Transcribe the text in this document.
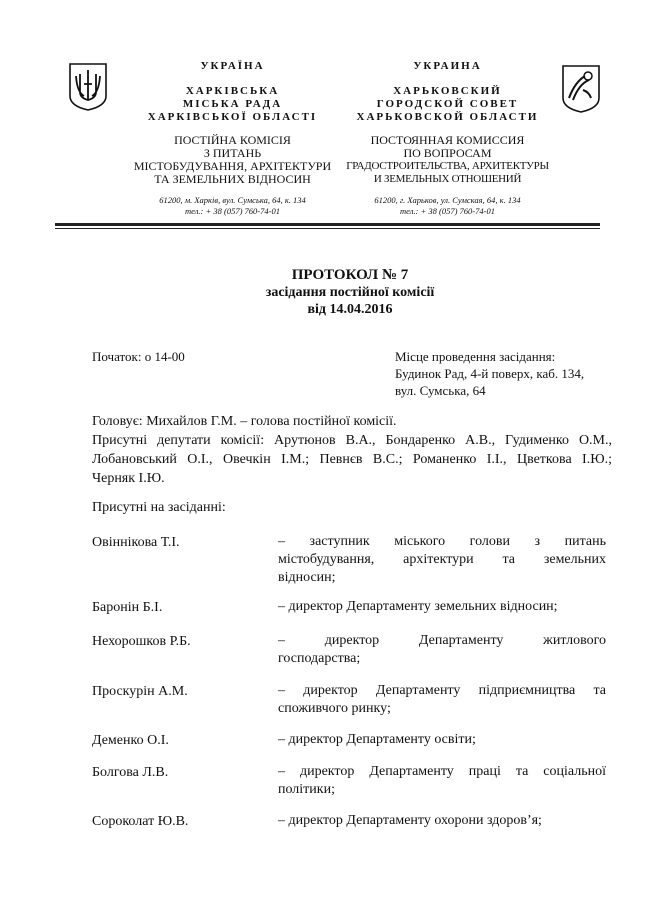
УКРАЇНА
ХАРКІВСЬКА
МІСЬКА РАДА
ХАРКІВСЬКОЇ ОБЛАСТІ
ПОСТІЙНА КОМІСІЯ
З ПИТАНЬ
МІСТОБУДУВАННЯ, АРХІТЕКТУРИ
ТА ЗЕМЕЛЬНИХ ВІДНОСИН
61200, м. Харків, вул. Сумська, 64, к. 134
тел.: + 38 (057) 760-74-01
УКРАИНА
ХАРЬКОВСКИЙ
ГОРОДСКОЙ СОВЕТ
ХАРЬКОВСКОЙ ОБЛАСТИ
ПОСТОЯННАЯ КОМИССИЯ
ПО ВОПРОСАМ
ГРАДОСТРОИТЕЛЬСТВА, АРХИТЕКТУРЫ
И ЗЕМЕЛЬНЫХ ОТНОШЕНИЙ
61200, г. Харьков, ул. Сумская, 64, к. 134
тел.: + 38 (057) 760-74-01
ПРОТОКОЛ № 7
засідання постійної комісії
від 14.04.2016
Початок: о 14-00	Місце проведення засідання:
Будинок Рад, 4-й поверх, каб. 134,
вул. Сумська, 64
Головує: Михайлов Г.М. – голова постійної комісії.
Присутні депутати комісії: Арутюнов В.А., Бондаренко А.В., Гудименко О.М.,
Лобановський О.І., Овечкін І.М.; Певнєв В.С.; Романенко І.І., Цветкова І.Ю.;
Черняк І.Ю.
Присутні на засіданні:
Овіннікова Т.І.	– заступник міського голови з питань
містобудування, архітектури та земельних
відносин;
Баронін Б.І.	– директор Департаменту земельних відносин;
Нехорошков Р.Б.	– директор Департаменту житлового
господарства;
Проскурін А.М.	– директор Департаменту підприємництва та
споживчого ринку;
Деменко О.І.	– директор Департаменту освіти;
Болгова Л.В.	– директор Департаменту праці та соціальної
політики;
Сороколат Ю.В.	– директор Департаменту охорони здоров’я;
